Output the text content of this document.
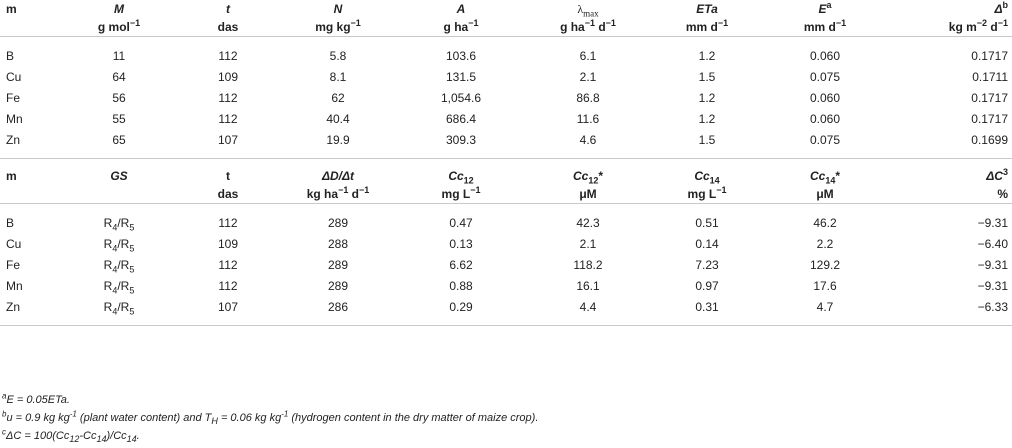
m	M	t	N	A	$\lambda_{max}$	ETa	$E^a$	$\Delta^b$
	g mol$^{-1}$	das	mg $kg^{-1}$	g $ha^{-1}$	g $ha^{-1}$ $d^{-1}$	mm $d^{-1}$	mm $d^{-1}$	kg $m^{-2}$ $d^{-1}$

B	11	112	5.8	103.6	6.1	1.2	0.060	0.1717
Cu	64	109	8.1	131.5	2.1	1.5	0.075	0.1711
Fe	56	112	62	1,054.6	86.8	1.2	0.060	0.1717
Mn	55	112	40.4	686.4	11.6	1.2	0.060	0.1717
Zn	65	107	19.9	309.3	4.6	1.5	0.075	0.1699

m	GS	t	ΔD/Δt	$Cc_{12}$	$Cc_{12}*$	$Cc_{14}$	$Cc_{14}*$	$\Delta C^3$
		das	kg $ha^{-1}$ $d^{-1}$	mg $L^{-1}$	μM	mg $L^{-1}$	μM	%

B	$R_4/R_5$	112	289	0.47	42.3	0.51	46.2	−9.31
Cu	$R_4/R_5$	109	288	0.13	2.1	0.14	2.2	−6.40
Fe	$R_4/R_5$	112	289	6.62	118.2	7.23	129.2	−9.31
Mn	$R_4/R_5$	112	289	0.88	16.1	0.97	17.6	−9.31
Zn	$R_4/R_5$	107	286	0.29	4.4	0.31	4.7	−6.33

$^a$E = 0.05ETa.
$^b$u = 0.9 kg $kg^{-1}$ (plant water content) and $T_H = 0.06$ kg $kg^{-1}$ (hydrogen content in the dry matter of maize crop).
$^c\Delta C = 100(Cc_{12}-Cc_{14})/Cc_{14}$.
